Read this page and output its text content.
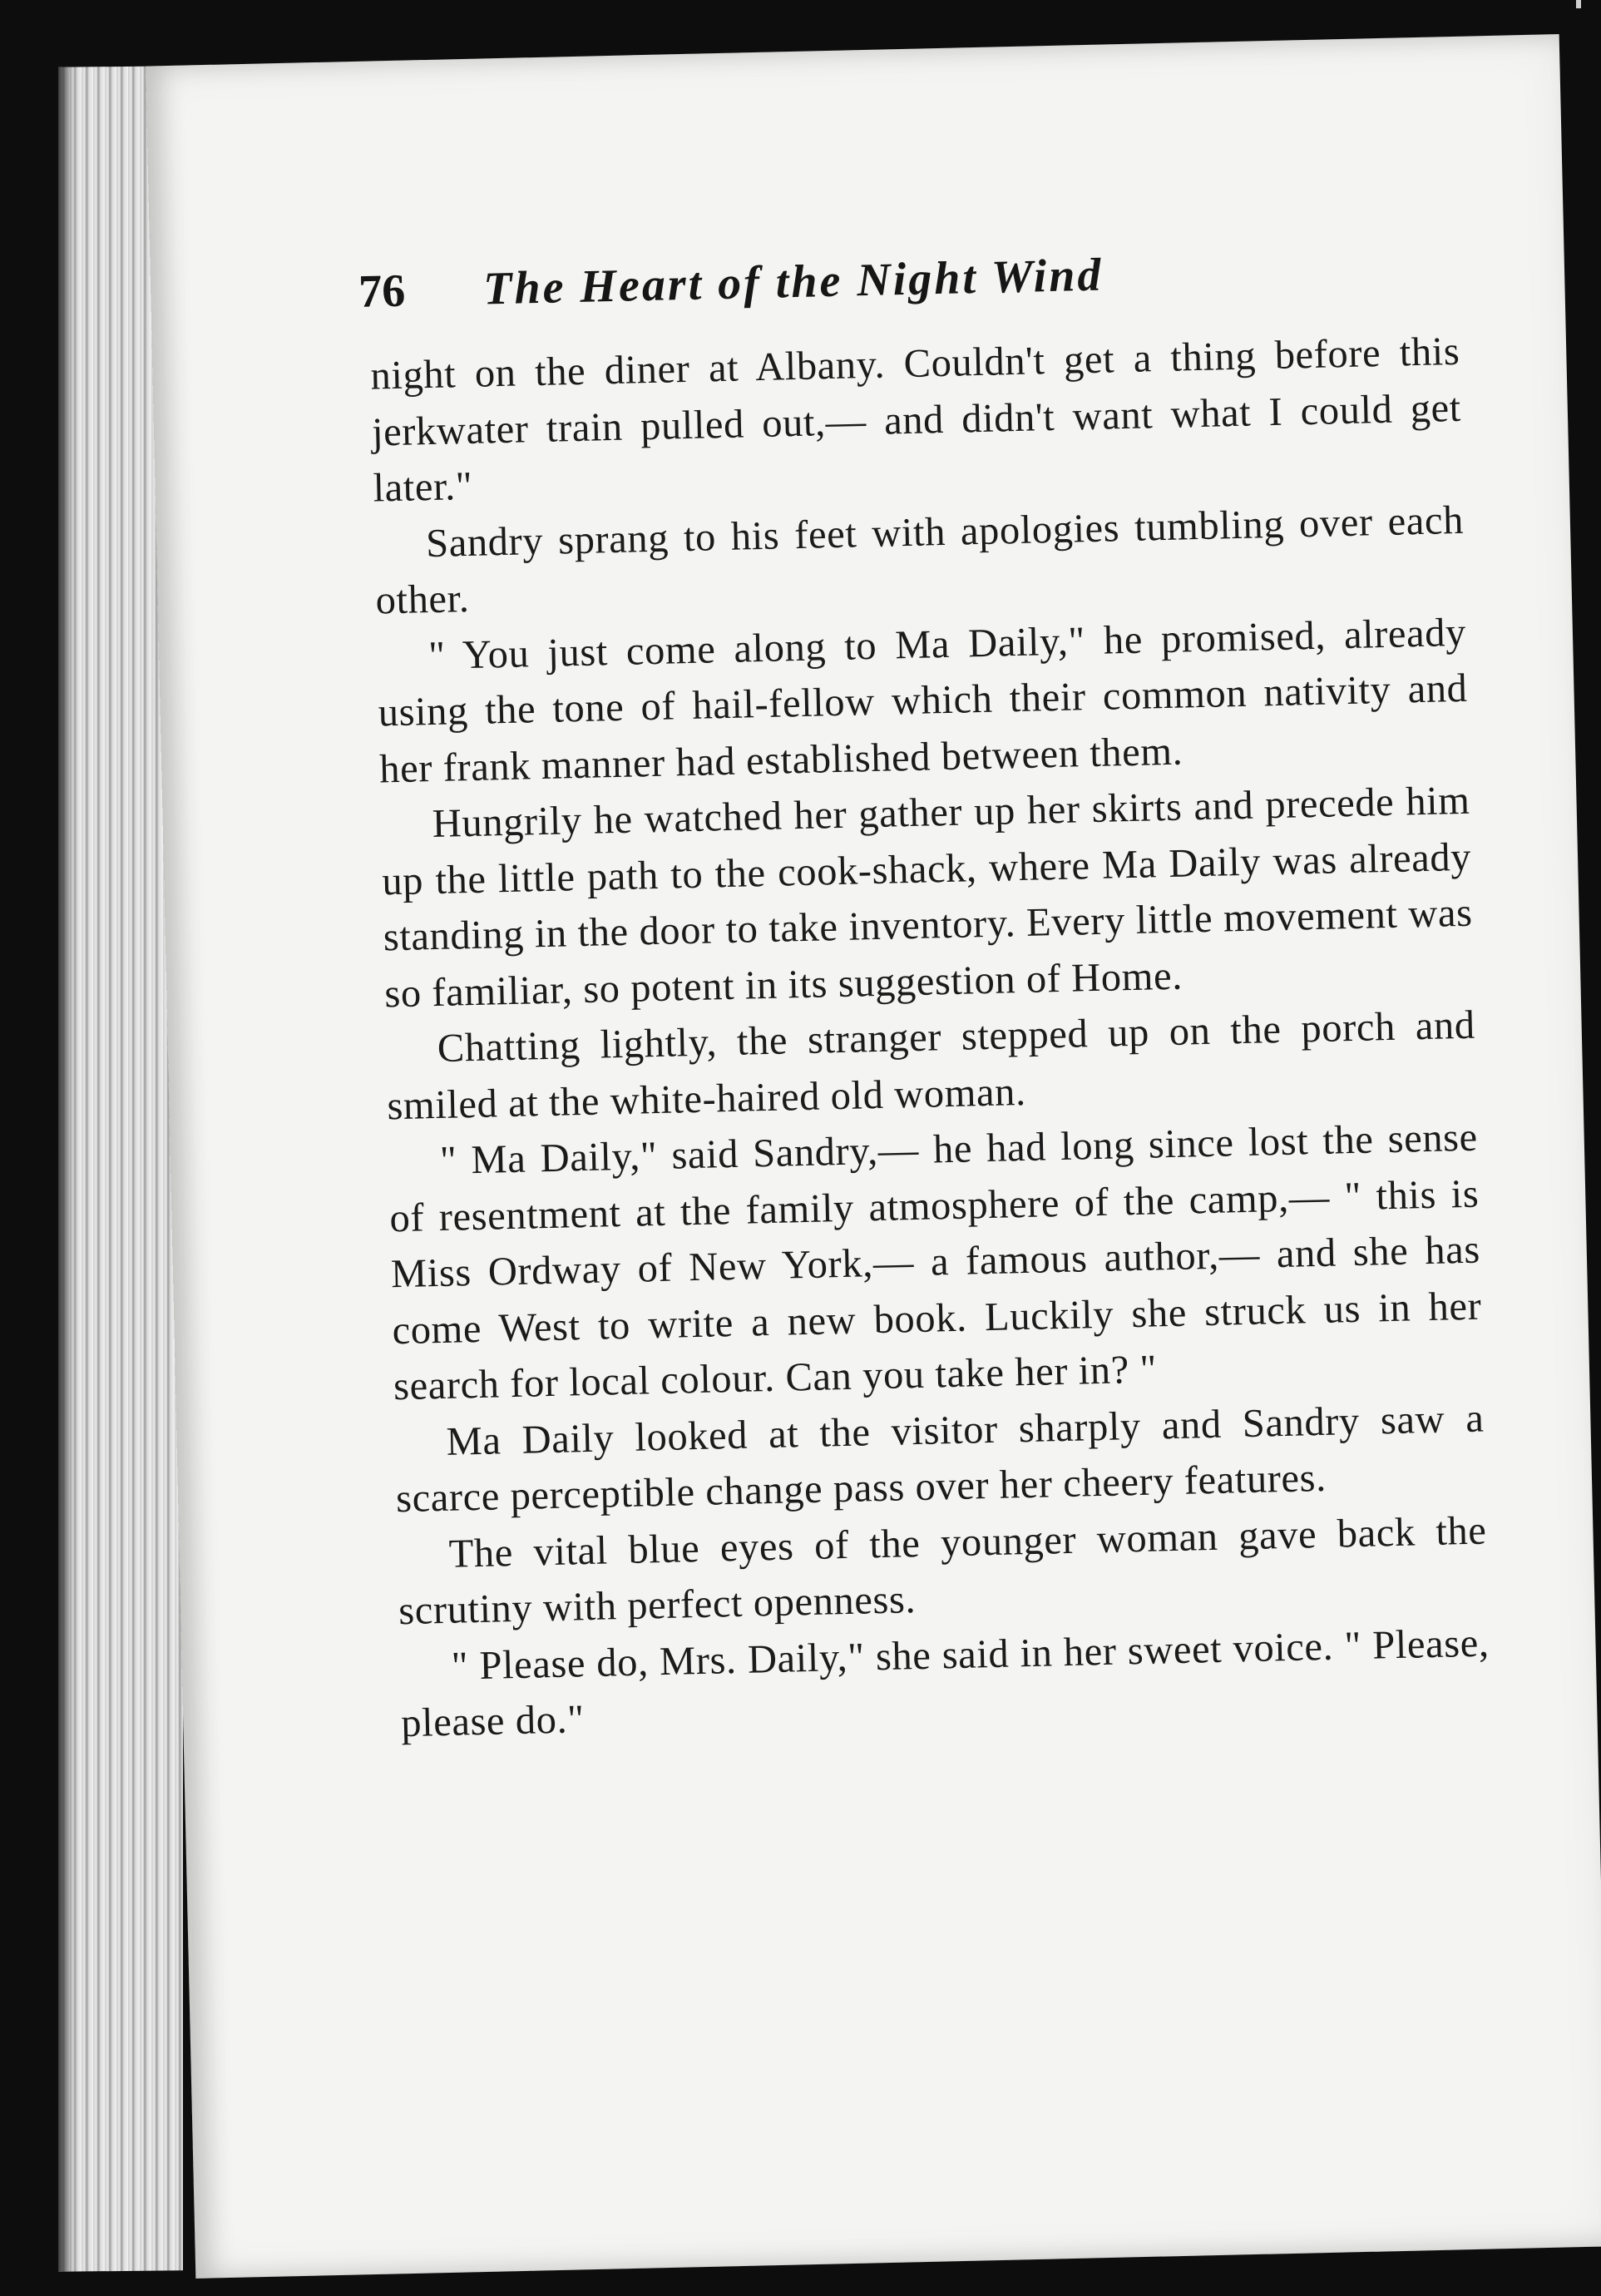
76 The Heart of the Night Wind

night on the diner at Albany. Couldn't get a thing before this jerkwater train pulled out,— and didn't want what I could get later."

Sandry sprang to his feet with apologies tumbling over each other.

" You just come along to Ma Daily," he promised, already using the tone of hail-fellow which their common nativity and her frank manner had established between them.

Hungrily he watched her gather up her skirts and precede him up the little path to the cook-shack, where Ma Daily was already standing in the door to take inventory. Every little movement was so familiar, so potent in its suggestion of Home.

Chatting lightly, the stranger stepped up on the porch and smiled at the white-haired old woman.

" Ma Daily," said Sandry,— he had long since lost the sense of resentment at the family atmosphere of the camp,— " this is Miss Ordway of New York,— a famous author,— and she has come West to write a new book. Luckily she struck us in her search for local colour. Can you take her in? "

Ma Daily looked at the visitor sharply and Sandry saw a scarce perceptible change pass over her cheery features.

The vital blue eyes of the younger woman gave back the scrutiny with perfect openness.

" Please do, Mrs. Daily," she said in her sweet voice. " Please, please do."
